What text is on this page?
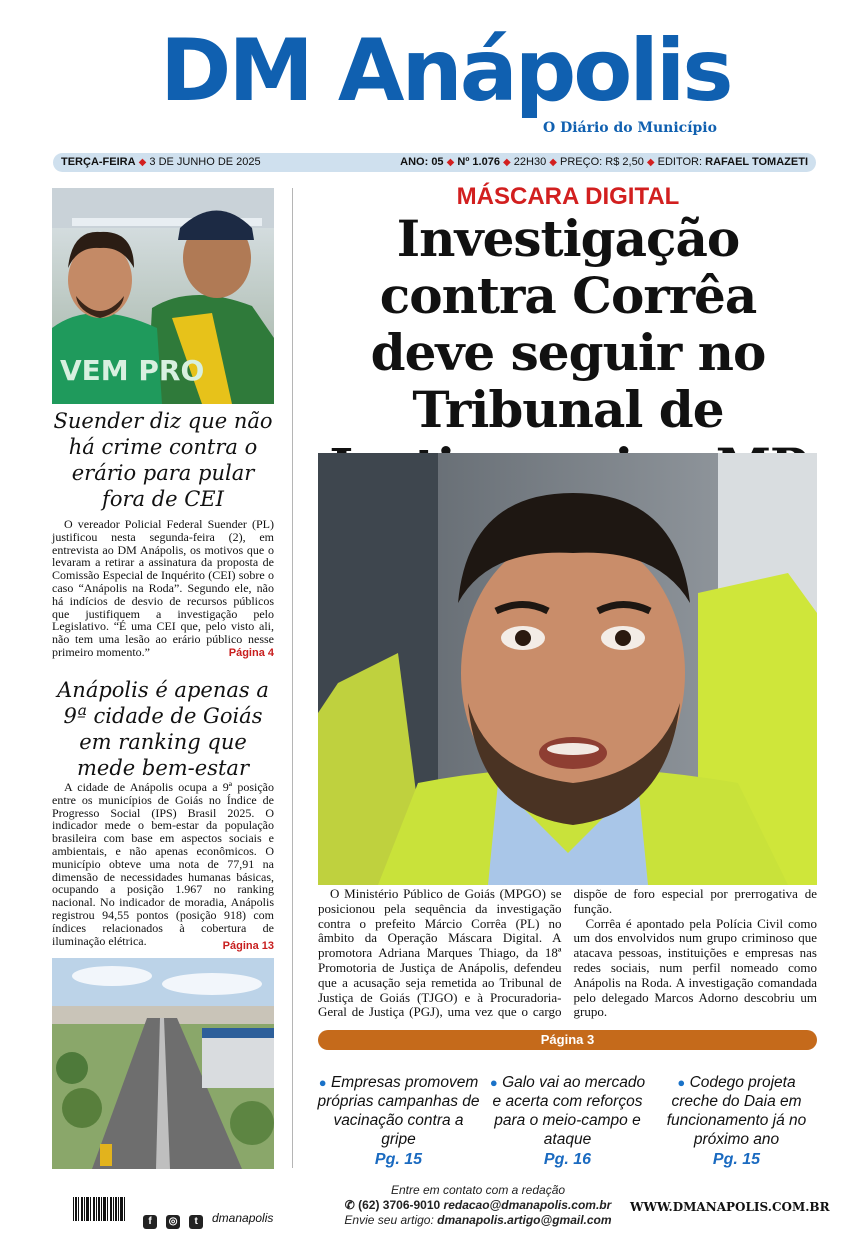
DM Anápolis
O Diário do Município
TERÇA-FEIRA ◆ 3 DE JUNHO DE 2025	ANO: 05 ◆ Nº 1.076 ◆ 22H30 ◆ PREÇO: R$ 2,50 ◆ EDITOR: RAFAEL TOMAZETI
VEM PRO
Suender diz que não há crime contra o erário para pular fora de CEI
O vereador Policial Federal Suender (PL) justificou nesta segunda-feira (2), em entrevista ao DM Anápolis, os motivos que o levaram a retirar a assinatura da proposta de Comissão Especial de Inquérito (CEI) sobre o caso “Anápolis na Roda”. Segundo ele, não há indícios de desvio de recursos públicos que justifiquem a investigação pelo Legislativo. “É uma CEI que, pelo visto ali, não tem uma lesão ao erário público nesse primeiro momento.”	Página 4
Anápolis é apenas a 9ª cidade de Goiás em ranking que mede bem-estar
A cidade de Anápolis ocupa a 9ª posição entre os municípios de Goiás no Índice de Progresso Social (IPS) Brasil 2025. O indicador mede o bem-estar da população brasileira com base em aspectos sociais e ambientais, e não apenas econômicos. O município obteve uma nota de 77,91 na dimensão de necessidades humanas básicas, ocupando a posição 1.967 no ranking nacional. No indicador de moradia, Anápolis registrou 94,55 pontos (posição 918) com índices relacionados à cobertura de iluminação elétrica.	Página 13
MÁSCARA DIGITAL
Investigação contra Corrêa deve seguir no Tribunal de

O Ministério Público de Goiás (MPGO) se posicionou pela sequência da investigação contra o prefeito Márcio Corrêa (PL) no âmbito da Operação Máscara Digital. A promotora Adriana Marques Thiago, da 18ª Promotoria de Justiça de Anápolis, defendeu que a acusação seja remetida ao Tribunal de Justiça de Goiás (TJGO) e à Procuradoria-Geral de Justiça (PGJ), uma vez que o cargo dispõe de foro especial por prerrogativa de função.

Corrêa é apontado pela Polícia Civil como um dos envolvidos num grupo criminoso que atacava pessoas, instituições e empresas nas redes sociais, num perfil nomeado como Anápolis na Roda. A investigação comandada pelo delegado Marcos Adorno descobriu um grupo.

Página 3
● Empresas promovem próprias campanhas de vacinação contra a gripe
Pg. 15
● Galo vai ao mercado e acerta com reforços para o meio-campo e ataque
Pg. 16
● Codego projeta creche do Daia em funcionamento já no próximo ano
Pg. 15
f ◎ t	dmanapolis
Entre em contato com a redação
✆ (62) 3706-9010 redacao@dmanapolis.com.br
Envie seu artigo: dmanapolis.artigo@gmail.com
WWW.DMANAPOLIS.COM.BR
